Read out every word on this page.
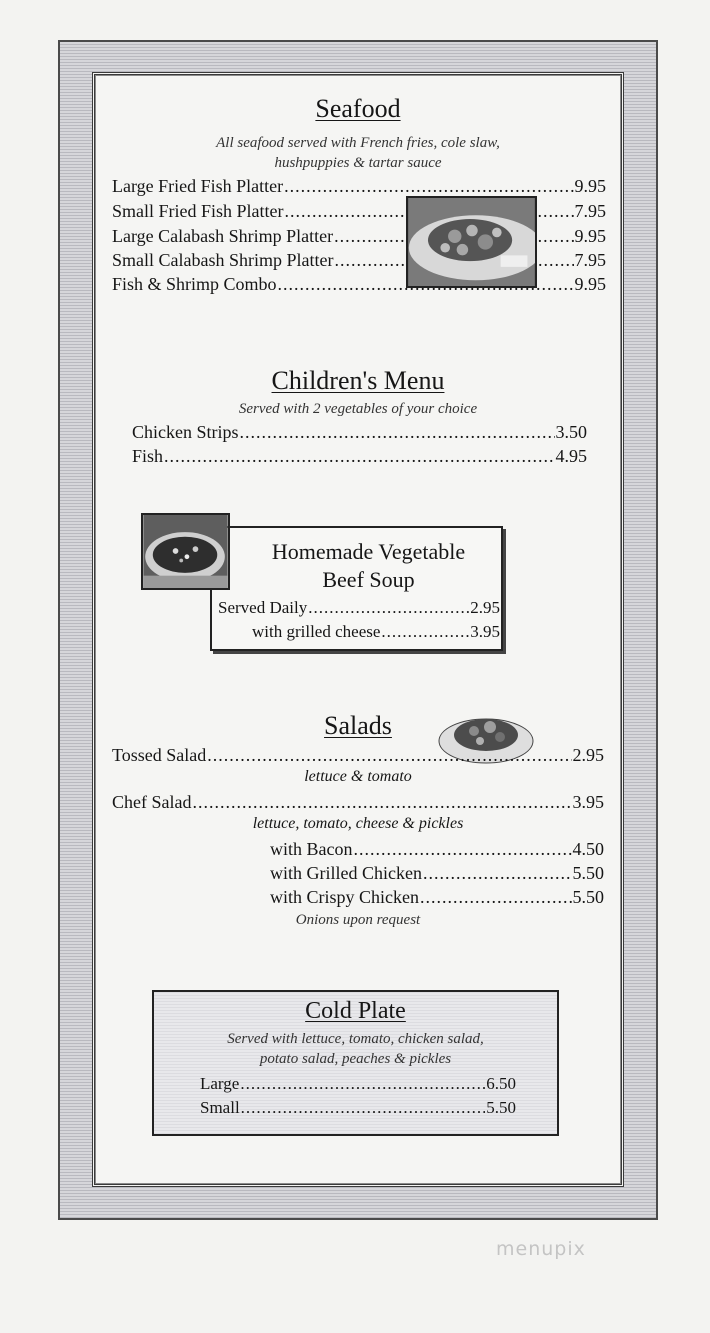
Seafood
All seafood served with French fries, cole slaw,
hushpuppies & tartar sauce
Large Fried Fish Platter .....	9.95
Small Fried Fish Platter .....	7.95
Large Calabash Shrimp Platter .....	9.95
Small Calabash Shrimp Platter .....	7.95
Fish & Shrimp Combo .....	9.95
Children's Menu
Served with 2 vegetables of your choice
Chicken Strips .....	3.50
Fish .....	4.95
Homemade Vegetable
Beef Soup
Served Daily .....	2.95
with grilled cheese .....	3.95
Salads
Tossed Salad .....	2.95
lettuce & tomato
Chef Salad .....	3.95
lettuce, tomato, cheese & pickles
with Bacon .....	4.50
with Grilled Chicken .....	5.50
with Crispy Chicken .....	5.50
Onions upon request
Cold Plate
Served with lettuce, tomato, chicken salad,
potato salad, peaches & pickles
Large .....	6.50
Small .....	5.50
menupix
